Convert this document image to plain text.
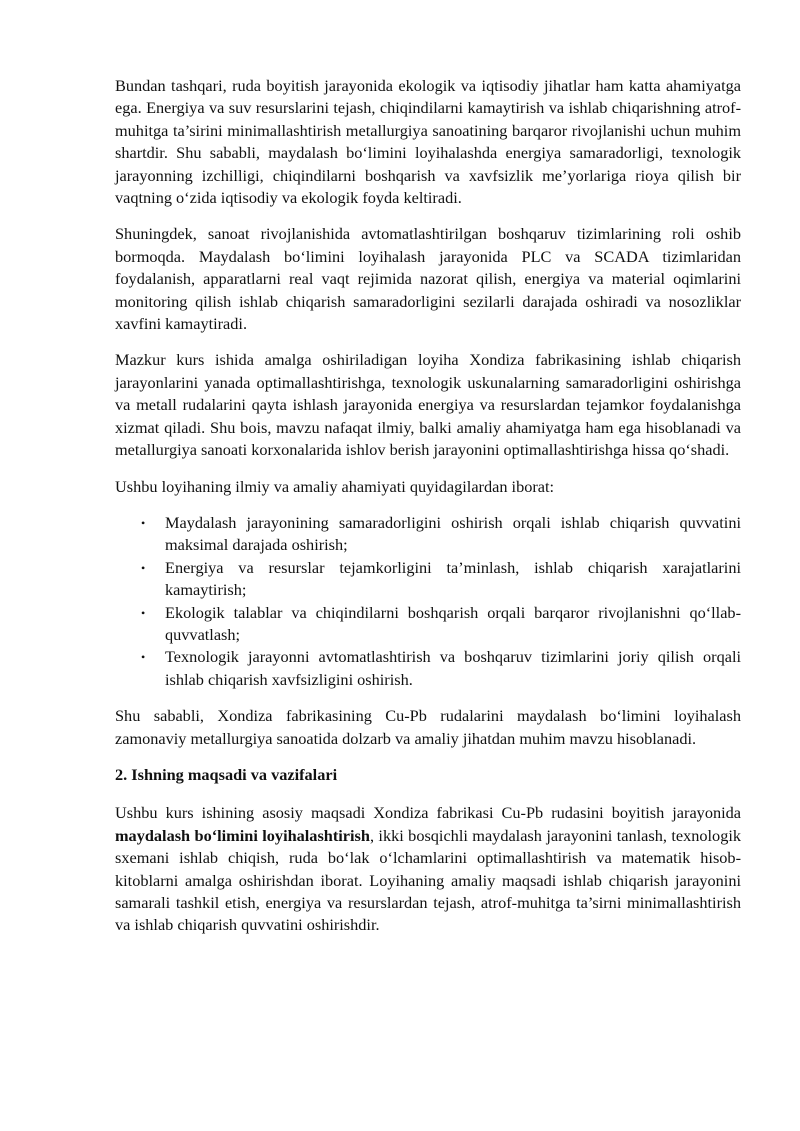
Bundan tashqari, ruda boyitish jarayonida ekologik va iqtisodiy jihatlar ham katta ahamiyatga ega. Energiya va suv resurslarini tejash, chiqindilarni kamaytirish va ishlab chiqarishning atrof-muhitga ta’sirini minimallashtirish metallurgiya sanoatining barqaror rivojlanishi uchun muhim shartdir. Shu sababli, maydalash bo‘limini loyihalashda energiya samaradorligi, texnologik jarayonning izchilligi, chiqindilarni boshqarish va xavfsizlik me’yorlariga rioya qilish bir vaqtning o‘zida iqtisodiy va ekologik foyda keltiradi.

Shuningdek, sanoat rivojlanishida avtomatlashtirilgan boshqaruv tizimlarining roli oshib bormoqda. Maydalash bo‘limini loyihalash jarayonida PLC va SCADA tizimlaridan foydalanish, apparatlarni real vaqt rejimida nazorat qilish, energiya va material oqimlarini monitoring qilish ishlab chiqarish samaradorligini sezilarli darajada oshiradi va nosozliklar xavfini kamaytiradi.

Mazkur kurs ishida amalga oshiriladigan loyiha Xondiza fabrikasining ishlab chiqarish jarayonlarini yanada optimallashtirishga, texnologik uskunalarning samaradorligini oshirishga va metall rudalarini qayta ishlash jarayonida energiya va resurslardan tejamkor foydalanishga xizmat qiladi. Shu bois, mavzu nafaqat ilmiy, balki amaliy ahamiyatga ham ega hisoblanadi va metallurgiya sanoati korxonalarida ishlov berish jarayonini optimallashtirishga hissa qo‘shadi.

Ushbu loyihaning ilmiy va amaliy ahamiyati quyidagilardan iborat:

• Maydalash jarayonining samaradorligini oshirish orqali ishlab chiqarish quvvatini maksimal darajada oshirish;
• Energiya va resurslar tejamkorligini ta’minlash, ishlab chiqarish xarajatlarini kamaytirish;
• Ekologik talablar va chiqindilarni boshqarish orqali barqaror rivojlanishni qo‘llab-quvvatlash;
• Texnologik jarayonni avtomatlashtirish va boshqaruv tizimlarini joriy qilish orqali ishlab chiqarish xavfsizligini oshirish.

Shu sababli, Xondiza fabrikasining Cu-Pb rudalarini maydalash bo‘limini loyihalash zamonaviy metallurgiya sanoatida dolzarb va amaliy jihatdan muhim mavzu hisoblanadi.

2. Ishning maqsadi va vazifalari

Ushbu kurs ishining asosiy maqsadi Xondiza fabrikasi Cu-Pb rudasini boyitish jarayonida maydalash bo‘limini loyihalashtirish, ikki bosqichli maydalash jarayonini tanlash, texnologik sxemani ishlab chiqish, ruda bo‘lak o‘lchamlarini optimallashtirish va matematik hisob-kitoblarni amalga oshirishdan iborat. Loyihaning amaliy maqsadi ishlab chiqarish jarayonini samarali tashkil etish, energiya va resurslardan tejash, atrof-muhitga ta’sirni minimallashtirish va ishlab chiqarish quvvatini oshirishdir.
